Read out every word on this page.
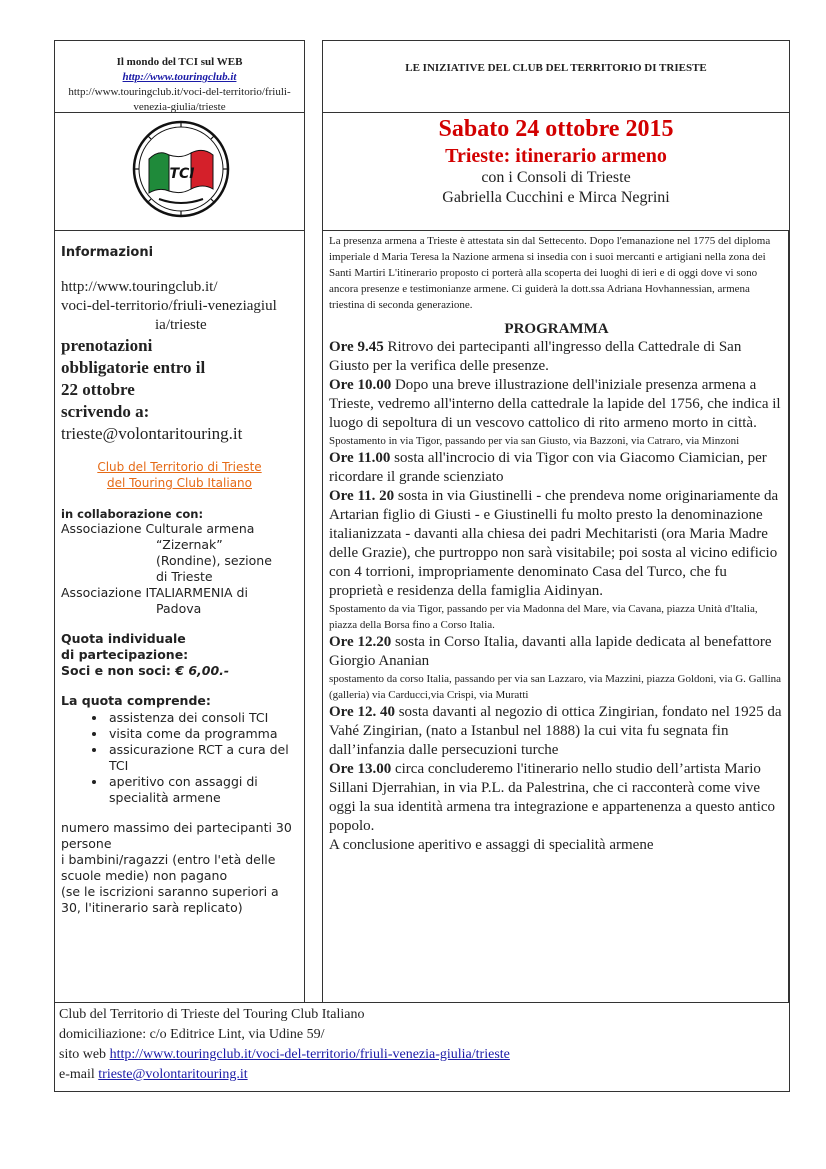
Il mondo del TCI sul WEB
http://www.touringclub.it
http://www.touringclub.it/voci-del-territorio/friuli-venezia-giulia/trieste
LE INIZIATIVE DEL CLUB DEL TERRITORIO DI TRIESTE
TCI
Sabato 24 ottobre 2015
Trieste: itinerario armeno
con i Consoli di Trieste
Gabriella Cucchini e Mirca Negrini
Informazioni
http://www.touringclub.it/
voci-del-territorio/friuli-veneziagiul
ia/trieste
prenotazioni
obbligatorie entro il
22 ottobre
scrivendo a:
trieste@volontaritouring.it
Club del Territorio di Trieste
del Touring Club Italiano
in collaborazione con:
Associazione Culturale armena
“Zizernak”
(Rondine), sezione
di Trieste
Associazione ITALIARMENIA di
Padova
Quota individuale
di partecipazione:
Soci e non soci: € 6,00.-
La quota comprende:
• assistenza dei consoli TCI
• visita come da programma
• assicurazione RCT a cura del TCI
• aperitivo con assaggi di specialità armene
numero massimo dei partecipanti 30 persone
i bambini/ragazzi (entro l'età delle scuole medie) non pagano
(se le iscrizioni saranno superiori a 30, l'itinerario sarà replicato)
La presenza armena a Trieste è attestata sin dal Settecento. Dopo l'emanazione nel 1775 del diploma imperiale d Maria Teresa la Nazione armena si insedia con i suoi mercanti e artigiani nella zona dei Santi Martiri L'itinerario proposto ci porterà alla scoperta dei luoghi di ieri e di oggi dove vi sono ancora presenze e testimonianze armene. Ci guiderà la dott.ssa Adriana Hovhannessian, armena triestina di seconda generazione.
PROGRAMMA
Ore 9.45 Ritrovo dei partecipanti all'ingresso della Cattedrale di San Giusto per la verifica delle presenze.
Ore 10.00 Dopo una breve illustrazione dell'iniziale presenza armena a Trieste, vedremo all'interno della cattedrale la lapide del 1756, che indica il luogo di sepoltura di un vescovo cattolico di rito armeno morto in città.
Spostamento in via Tigor, passando per via san Giusto, via Bazzoni, via Catraro, via Minzoni
Ore 11.00 sosta all'incrocio di via Tigor con via Giacomo Ciamician, per ricordare il grande scienziato
Ore 11. 20 sosta in via Giustinelli - che prendeva nome originariamente da Artarian figlio di Giusti - e Giustinelli fu molto presto la denominazione italianizzata - davanti alla chiesa dei padri Mechitaristi (ora Maria Madre delle Grazie), che purtroppo non sarà visitabile; poi sosta al vicino edificio con 4 torrioni, impropriamente denominato Casa del Turco, che fu proprietà e residenza della famiglia Aidinyan.
Spostamento da via Tigor, passando per via Madonna del Mare, via Cavana, piazza Unità d'Italia, piazza della Borsa fino a Corso Italia.
Ore 12.20 sosta in Corso Italia, davanti alla lapide dedicata al benefattore Giorgio Ananian
spostamento da corso Italia, passando per via san Lazzaro, via Mazzini, piazza Goldoni, via G. Gallina (galleria) via Carducci,via Crispi, via Muratti
Ore 12. 40 sosta davanti al negozio di ottica Zingirian, fondato nel 1925 da Vahé Zingirian, (nato a Istanbul nel 1888) la cui vita fu segnata fin dall’infanzia dalle persecuzioni turche
Ore 13.00 circa concluderemo l'itinerario nello studio dell’artista Mario Sillani Djerrahian, in via P.L. da Palestrina, che ci racconterà come vive oggi la sua identità armena tra integrazione e appartenenza a questo antico popolo.
A conclusione aperitivo e assaggi di specialità armene
Club del Territorio di Trieste del Touring Club Italiano
domiciliazione: c/o Editrice Lint, via Udine 59/
sito web http://www.touringclub.it/voci-del-territorio/friuli-venezia-giulia/trieste
e-mail trieste@volontaritouring.it
